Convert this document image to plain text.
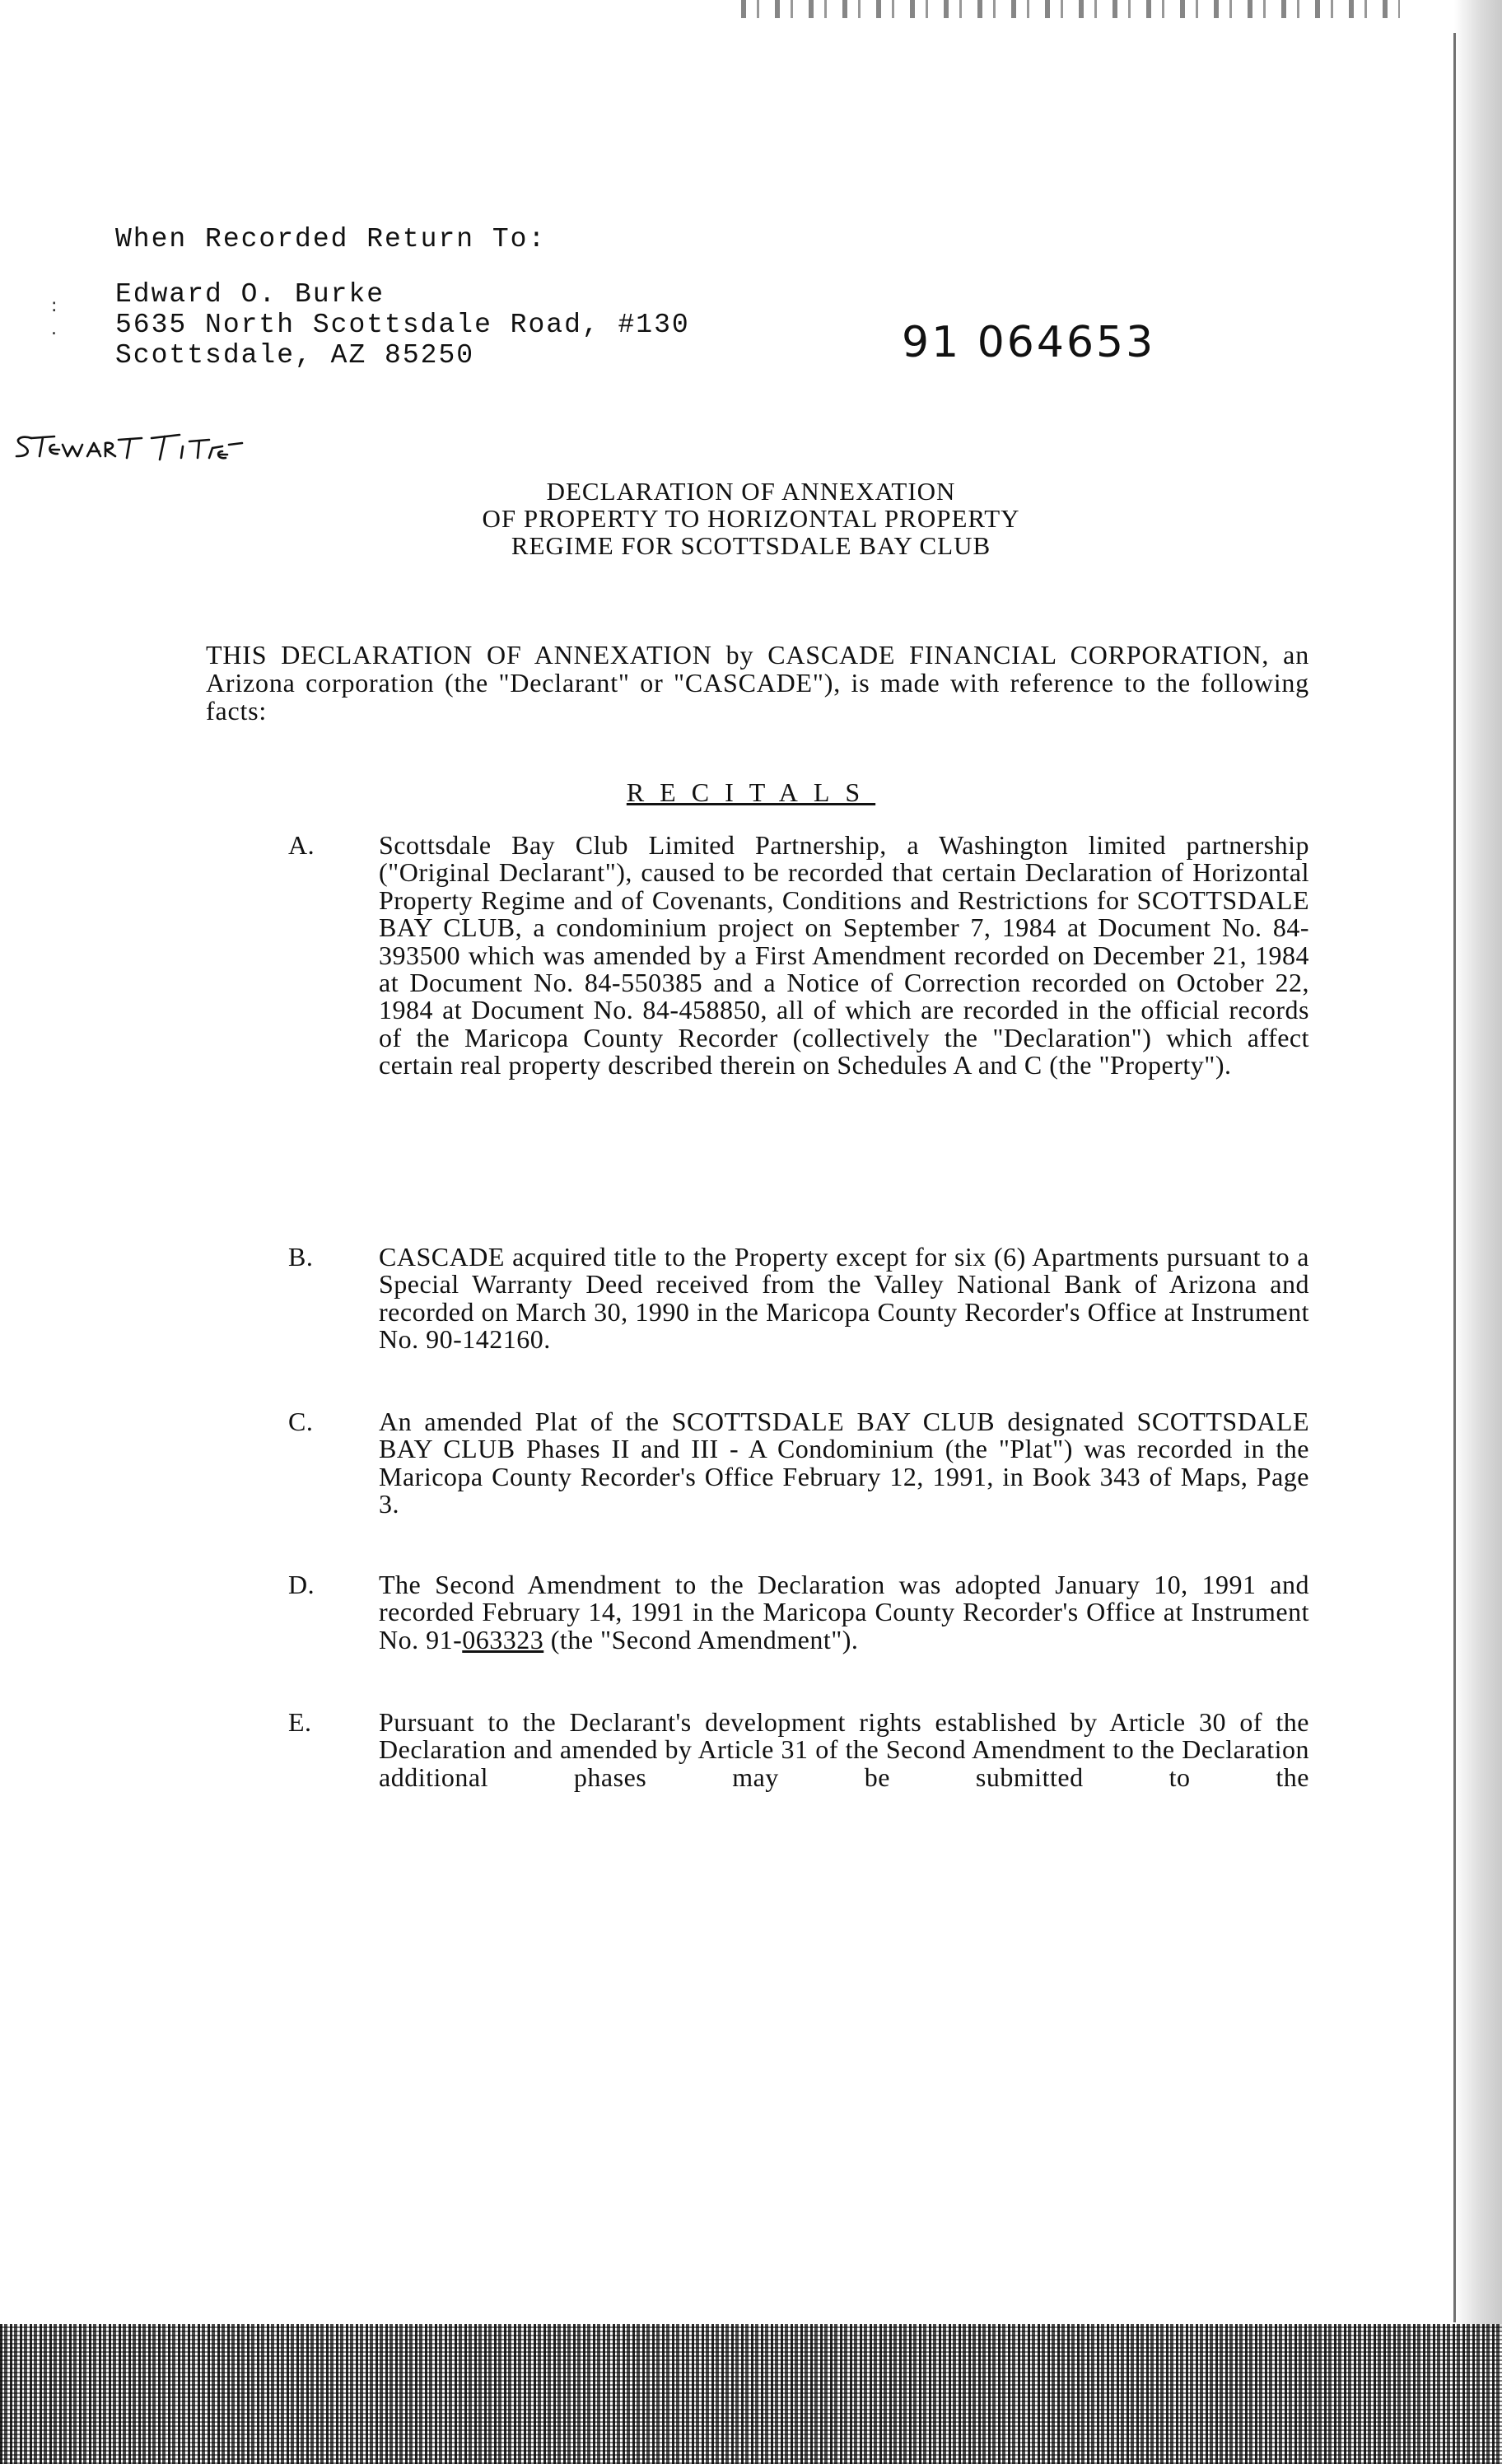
:
.
When Recorded Return To:
Edward O. Burke
5635 North Scottsdale Road, #130
Scottsdale, AZ 85250	91 064653
DECLARATION OF ANNEXATION
OF PROPERTY TO HORIZONTAL PROPERTY
REGIME FOR SCOTTSDALE BAY CLUB
THIS DECLARATION OF ANNEXATION by CASCADE FINANCIAL CORPORATION, an Arizona corporation (the "Declarant" or "CASCADE"), is made with reference to the following facts:
RECITALS
A. Scottsdale Bay Club Limited Partnership, a Washington limited partnership ("Original Declarant"), caused to be recorded that certain Declaration of Horizontal Property Regime and of Covenants, Conditions and Restrictions for SCOTTSDALE BAY CLUB, a condominium project on September 7, 1984 at Document No. 84-393500 which was amended by a First Amendment recorded on December 21, 1984 at Document No. 84-550385 and a Notice of Correction recorded on October 22, 1984 at Document No. 84-458850, all of which are recorded in the official records of the Maricopa County Recorder (collectively the "Declaration") which affect certain real property described therein on Schedules A and C (the "Property").
B. CASCADE acquired title to the Property except for six (6) Apartments pursuant to a Special Warranty Deed received from the Valley National Bank of Arizona and recorded on March 30, 1990 in the Maricopa County Recorder's Office at Instrument No. 90-142160.
C. An amended Plat of the SCOTTSDALE BAY CLUB designated SCOTTSDALE BAY CLUB Phases II and III - A Condominium (the "Plat") was recorded in the Maricopa County Recorder's Office February 12, 1991, in Book 343 of Maps, Page 3.
D. The Second Amendment to the Declaration was adopted January 10, 1991 and recorded February 14, 1991 in the Maricopa County Recorder's Office at Instrument No. 91-063323 (the "Second Amendment").
E.	Pursuant to the Declarant's development rights established by Article 30 of the Declaration and amended by Article 31 of the Second Amendment to the Declaration additional phases may be submitted to the
